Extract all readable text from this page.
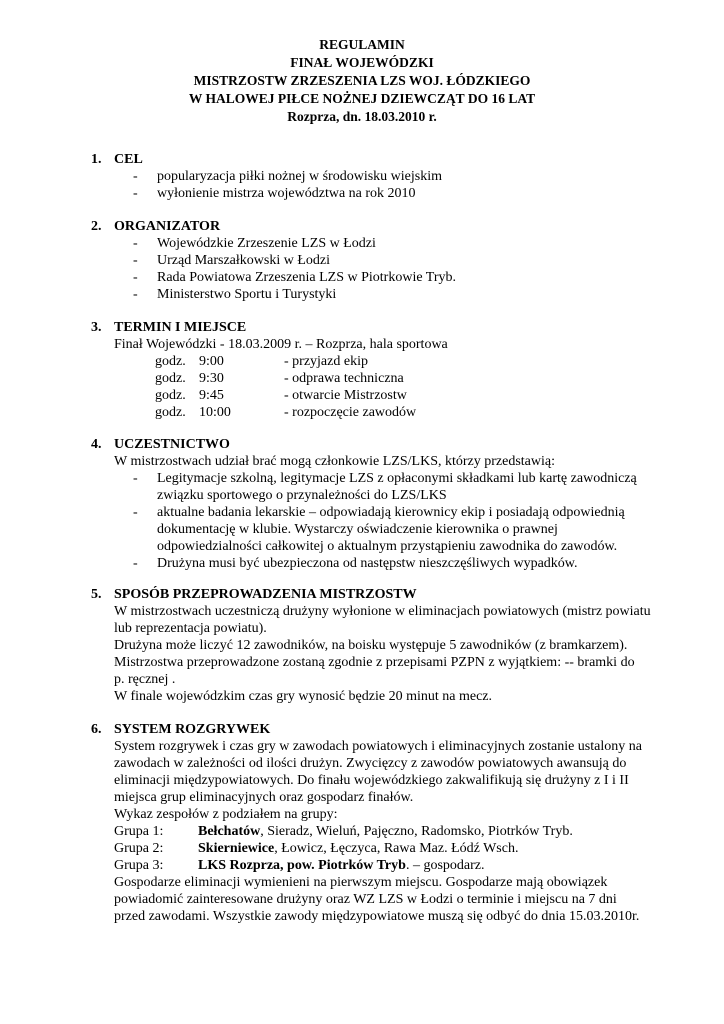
REGULAMIN
FINAŁ WOJEWÓDZKI
MISTRZOSTW ZRZESZENIA LZS WOJ. ŁÓDZKIEGO
W HALOWEJ PIŁCE NOŻNEJ DZIEWCZĄT DO 16 LAT
Rozprza, dn. 18.03.2010 r.
1. CEL
- popularyzacja piłki nożnej w środowisku wiejskim
- wyłonienie mistrza województwa na rok 2010
2. ORGANIZATOR
- Wojewódzkie Zrzeszenie LZS w Łodzi
- Urząd Marszałkowski w Łodzi
- Rada Powiatowa Zrzeszenia LZS w Piotrkowie Tryb.
- Ministerstwo Sportu i Turystyki
3. TERMIN I MIEJSCE
Finał Wojewódzki - 18.03.2009 r. – Rozprza, hala sportowa
godz. 9:00	- przyjazd ekip
godz. 9:30	- odprawa techniczna
godz. 9:45	- otwarcie Mistrzostw
godz. 10:00	- rozpoczęcie zawodów
4. UCZESTNICTWO
W mistrzostwach udział brać mogą członkowie LZS/LKS, którzy przedstawią:
- Legitymacje szkolną, legitymacje LZS z opłaconymi składkami lub kartę zawodniczą
związku sportowego o przynależności do LZS/LKS
- aktualne badania lekarskie – odpowiadają kierownicy ekip i posiadają odpowiednią
dokumentację w klubie. Wystarczy oświadczenie kierownika o prawnej
odpowiedzialności całkowitej o aktualnym przystąpieniu zawodnika do zawodów.
- Drużyna musi być ubezpieczona od następstw nieszczęśliwych wypadków.
5. SPOSÓB PRZEPROWADZENIA MISTRZOSTW
W mistrzostwach uczestniczą drużyny wyłonione w eliminacjach powiatowych (mistrz powiatu
lub reprezentacja powiatu).
Drużyna może liczyć 12 zawodników, na boisku występuje 5 zawodników (z bramkarzem).
Mistrzostwa przeprowadzone zostaną zgodnie z przepisami PZPN z wyjątkiem: -- bramki do
p. ręcznej .
W finale wojewódzkim czas gry wynosić będzie 20 minut na mecz.
6. SYSTEM ROZGRYWEK
System rozgrywek i czas gry w zawodach powiatowych i eliminacyjnych zostanie ustalony na
zawodach w zależności od ilości drużyn. Zwycięzcy z zawodów powiatowych awansują do
eliminacji międzypowiatowych. Do finału wojewódzkiego zakwalifikują się drużyny z I i II
miejsca grup eliminacyjnych oraz gospodarz finałów.
Wykaz zespołów z podziałem na grupy:
Grupa 1: Bełchatów, Sieradz, Wieluń, Pajęczno, Radomsko, Piotrków Tryb.
Grupa 2: Skierniewice, Łowicz, Łęczyca, Rawa Maz. Łódź Wsch.
Grupa 3: LKS Rozprza, pow. Piotrków Tryb. – gospodarz.
Gospodarze eliminacji wymienieni na pierwszym miejscu. Gospodarze mają obowiązek
powiadomić zainteresowane drużyny oraz WZ LZS w Łodzi o terminie i miejscu na 7 dni
przed zawodami. Wszystkie zawody międzypowiatowe muszą się odbyć do dnia 15.03.2010r.
